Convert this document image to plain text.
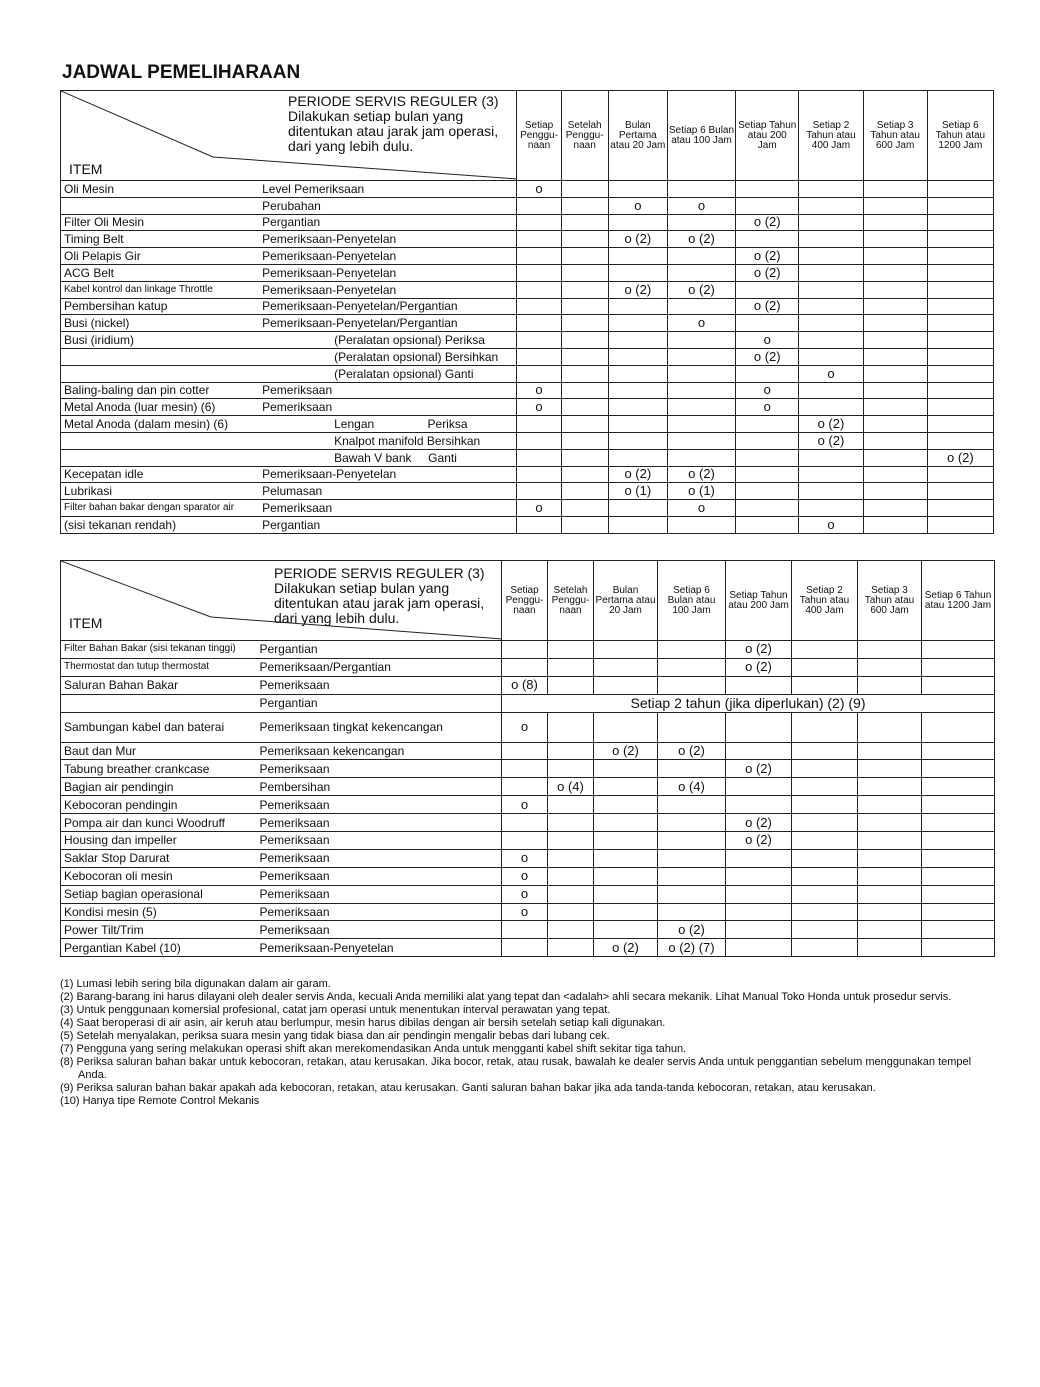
JADWAL PEMELIHARAAN
PERIODE SERVIS REGULER (3)
Dilakukan setiap bulan yang ditentukan atau jarak jam operasi, dari yang lebih dulu.
ITEM		Setiap Penggu-naan	Setelah Penggu-naan	Bulan Pertama atau 20 Jam	Setiap 6 Bulan atau 100 Jam	Setiap Tahun atau 200 Jam	Setiap 2 Tahun atau 400 Jam	Setiap 3 Tahun atau 600 Jam	Setiap 6 Tahun atau 1200 Jam
Oli Mesin	Level Pemeriksaan	o							
	Perubahan			o	o				
Filter Oli Mesin	Pergantian					o (2)			
Timing Belt	Pemeriksaan-Penyetelan			o (2)	o (2)				
Oli Pelapis Gir	Pemeriksaan-Penyetelan					o (2)			
ACG Belt	Pemeriksaan-Penyetelan					o (2)			
Kabel kontrol dan linkage Throttle	Pemeriksaan-Penyetelan			o (2)	o (2)				
Pembersihan katup	Pemeriksaan-Penyetelan/Pergantian					o (2)			
Busi (nickel)	Pemeriksaan-Penyetelan/Pergantian				o				
Busi (iridium)	(Peralatan opsional) Periksa					o			
	(Peralatan opsional) Bersihkan					o (2)			
	(Peralatan opsional) Ganti						o		
Baling-baling dan pin cotter	Pemeriksaan	o				o			
Metal Anoda (luar mesin) (6)	Pemeriksaan	o				o			
Metal Anoda (dalam mesin) (6)	Lengan                Periksa						o (2)		
	Knalpot manifold Bersihkan						o (2)		
	Bawah V bank     Ganti								o (2)
Kecepatan idle	Pemeriksaan-Penyetelan			o (2)	o (2)				
Lubrikasi	Pelumasan			o (1)	o (1)				
Filter bahan bakar dengan sparator air	Pemeriksaan	o			o				
(sisi tekanan rendah)	Pergantian						o		
PERIODE SERVIS REGULER (3)
Dilakukan setiap bulan yang ditentukan atau jarak jam operasi, dari yang lebih dulu.
ITEM		Setiap Penggu-naan	Setelah Penggu-naan	Bulan Pertama atau 20 Jam	Setiap 6 Bulan atau 100 Jam	Setiap Tahun atau 200 Jam	Setiap 2 Tahun atau 400 Jam	Setiap 3 Tahun atau 600 Jam	Setiap 6 Tahun atau 1200 Jam
Filter Bahan Bakar (sisi tekanan tinggi)	Pergantian					o (2)			
Thermostat dan tutup thermostat	Pemeriksaan/Pergantian					o (2)			
Saluran Bahan Bakar	Pemeriksaan	o (8)							
	Pergantian	Setiap 2 tahun (jika diperlukan) (2) (9)							
Sambungan kabel dan baterai	Pemeriksaan tingkat kekencangan	o							
Baut dan Mur	Pemeriksaan kekencangan			o (2)	o (2)				
Tabung breather crankcase	Pemeriksaan					o (2)			
Bagian air pendingin	Pembersihan		o (4)		o (4)				
Kebocoran pendingin	Pemeriksaan	o							
Pompa air dan kunci Woodruff	Pemeriksaan					o (2)			
Housing dan impeller	Pemeriksaan					o (2)			
Saklar Stop Darurat	Pemeriksaan	o							
Kebocoran oli mesin	Pemeriksaan	o							
Setiap bagian operasional	Pemeriksaan	o							
Kondisi mesin (5)	Pemeriksaan	o							
Power Tilt/Trim	Pemeriksaan				o (2)				
Pergantian Kabel (10)	Pemeriksaan-Penyetelan			o (2)	o (2) (7)				
(1) Lumasi lebih sering bila digunakan dalam air garam.
(2) Barang-barang ini harus dilayani oleh dealer servis Anda, kecuali Anda memiliki alat yang tepat dan <adalah> ahli secara mekanik. Lihat Manual Toko Honda untuk prosedur servis.
(3) Untuk penggunaan komersial profesional, catat jam operasi untuk menentukan interval perawatan yang tepat.
(4) Saat beroperasi di air asin, air keruh atau berlumpur, mesin harus dibilas dengan air bersih setelah setiap kali digunakan.
(5) Setelah menyalakan, periksa suara mesin yang tidak biasa dan air pendingin mengalir bebas dari lubang cek.
(7) Pengguna yang sering melakukan operasi shift akan merekomendasikan Anda untuk mengganti kabel shift sekitar tiga tahun.
(8) Periksa saluran bahan bakar untuk kebocoran, retakan, atau kerusakan. Jika bocor, retak, atau rusak, bawalah ke dealer servis Anda untuk penggantian sebelum menggunakan tempel Anda.
(9) Periksa saluran bahan bakar apakah ada kebocoran, retakan, atau kerusakan. Ganti saluran bahan bakar jika ada tanda-tanda kebocoran, retakan, atau kerusakan.
(10) Hanya tipe Remote Control Mekanis
